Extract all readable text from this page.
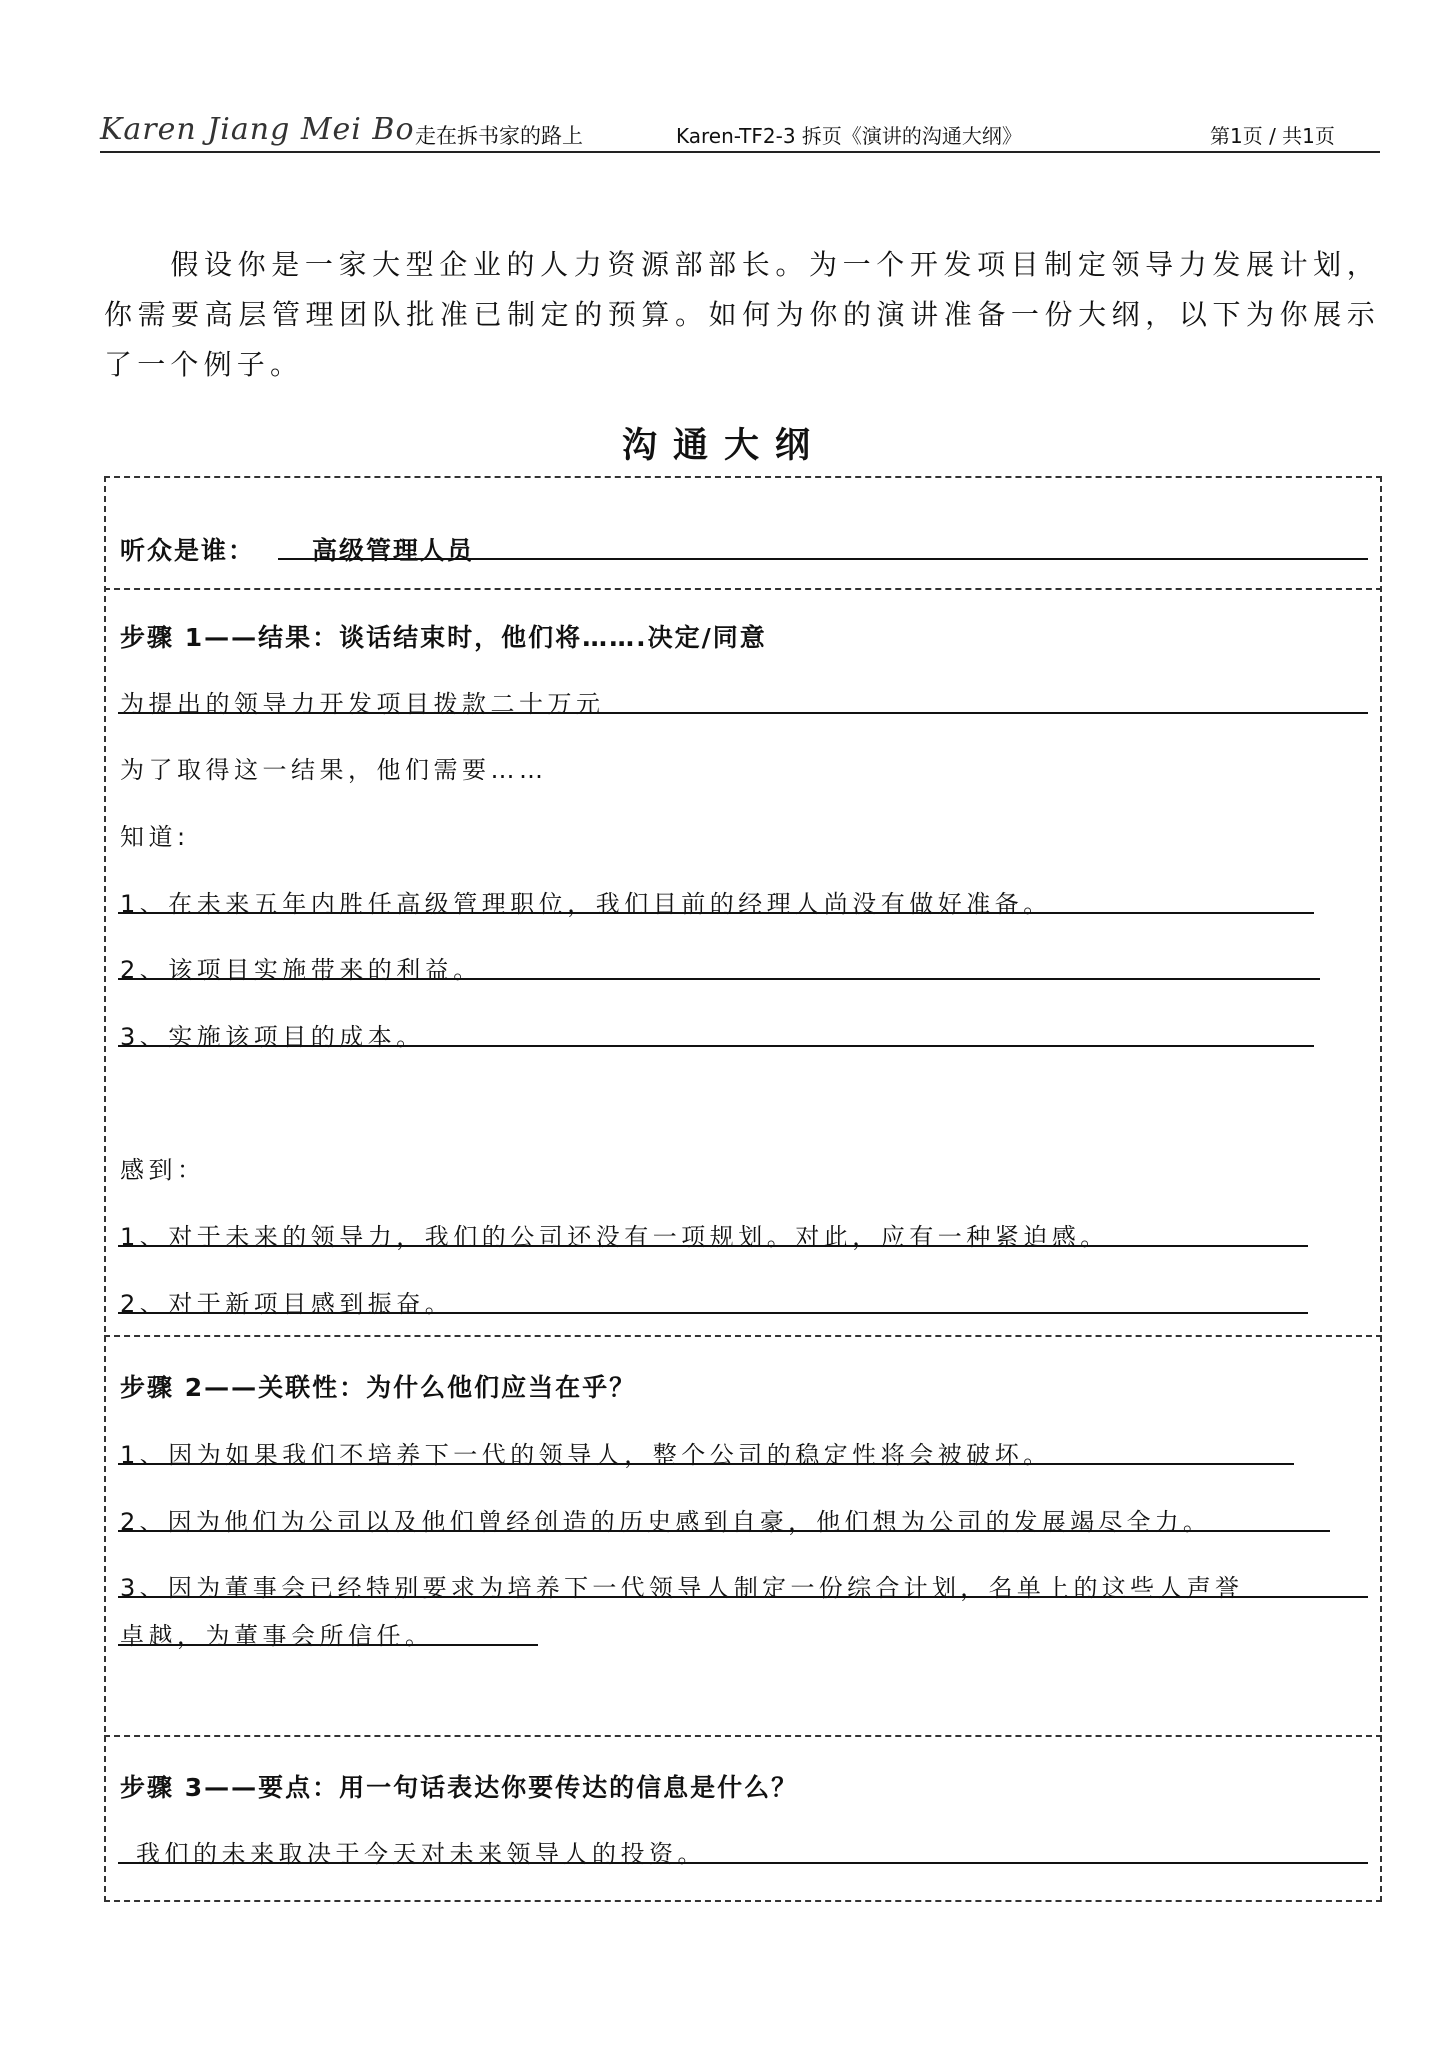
Karen Jiang Mei Bo 走在拆书家的路上	Karen-TF2-3 拆页《演讲的沟通大纲》	第1页 / 共1页
假设你是一家大型企业的人力资源部部长。为一个开发项目制定领导力发展计划，你需要高层管理团队批准已制定的预算。如何为你的演讲准备一份大纲，以下为你展示了一个例子。
沟通大纲
听众是谁： 高级管理人员
步骤 1——结果：谈话结束时，他们将…….决定/同意
为提出的领导力开发项目拨款二十万元
为了取得这一结果，他们需要……
知道:
1、在未来五年内胜任高级管理职位，我们目前的经理人尚没有做好准备。
2、该项目实施带来的利益。
3、实施该项目的成本。
感到：
1、对于未来的领导力，我们的公司还没有一项规划。对此，应有一种紧迫感。
2、对于新项目感到振奋。
步骤 2——关联性：为什么他们应当在乎？
1、因为如果我们不培养下一代的领导人，整个公司的稳定性将会被破坏。
2、因为他们为公司以及他们曾经创造的历史感到自豪，他们想为公司的发展竭尽全力。
3、因为董事会已经特别要求为培养下一代领导人制定一份综合计划，名单上的这些人声誉
卓越，为董事会所信任。
步骤 3——要点：用一句话表达你要传达的信息是什么？
我们的未来取决于今天对未来领导人的投资。
